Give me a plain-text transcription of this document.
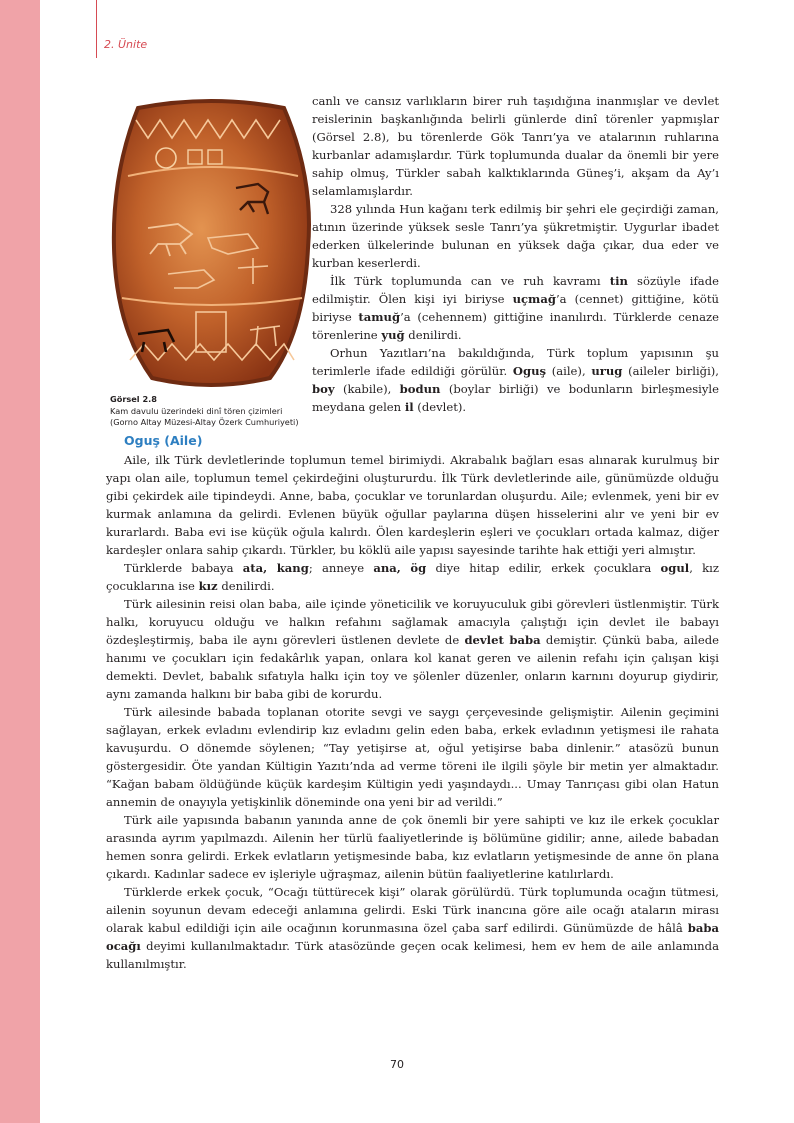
2. Ünite
Görsel 2.8
Kam davulu üzerindeki dinî tören çizimleri
(Gorno Altay Müzesi-Altay Özerk Cumhuriyeti)

canlı ve cansız varlıkların birer ruh taşıdığına inanmışlar ve devlet reislerinin başkanlığında belirli günlerde dinî törenler yapmışlar (Görsel 2.8), bu törenlerde Gök Tanrı’ya ve atalarının ruhlarına kurbanlar adamışlardır. Türk toplumunda dualar da önemli bir yere sahip olmuş, Türkler sabah kalktıklarında Güneş’i, akşam da Ay’ı selamlamışlardır.

328 yılında Hun kağanı terk edilmiş bir şehri ele geçirdiği zaman, atının üzerinde yüksek sesle Tanrı’ya şükretmiştir. Uygurlar ibadet ederken ülkelerinde bulunan en yüksek dağa çıkar, dua eder ve kurban keserlerdi.

İlk Türk toplumunda can ve ruh kavramı tin sözüyle ifade edilmiştir. Ölen kişi iyi biriyse uçmağ’a (cennet) gittiğine, kötü biriyse tamuğ’a (cehennem) gittiğine inanılırdı. Türklerde cenaze törenlerine yuğ denilirdi.

Orhun Yazıtları’na bakıldığında, Türk toplum yapısının şu terimlerle ifade edildiği görülür. Oguş (aile), urug (aileler birliği), boy (kabile), bodun (boylar birliği) ve bodunların birleşmesiyle meydana gelen il (devlet).

Oguş (Aile)

Aile, ilk Türk devletlerinde toplumun temel birimiydi. Akrabalık bağları esas alınarak kurulmuş bir yapı olan aile, toplumun temel çekirdeğini oluştururdu. İlk Türk devletlerinde aile, günümüzde olduğu gibi çekirdek aile tipindeydi. Anne, baba, çocuklar ve torunlardan oluşurdu. Aile; evlenmek, yeni bir ev kurmak anlamına da gelirdi. Evlenen büyük oğullar paylarına düşen hisselerini alır ve yeni bir ev kurarlardı. Baba evi ise küçük oğula kalırdı. Ölen kardeşlerin eşleri ve çocukları ortada kalmaz, diğer kardeşler onlara sahip çıkardı. Türkler, bu köklü aile yapısı sayesinde tarihte hak ettiği yeri almıştır.

Türklerde babaya ata, kang; anneye ana, ög diye hitap edilir, erkek çocuklara ogul, kız çocuklarına ise kız denilirdi.

Türk ailesinin reisi olan baba, aile içinde yöneticilik ve koruyuculuk gibi görevleri üstlenmiştir. Türk halkı, koruyucu olduğu ve halkın refahını sağlamak amacıyla çalıştığı için devlet ile babayı özdeşleştirmiş, baba ile aynı görevleri üstlenen devlete de devlet baba demiştir. Çünkü baba, ailede hanımı ve çocukları için fedakârlık yapan, onlara kol kanat geren ve ailenin refahı için çalışan kişi demekti. Devlet, babalık sıfatıyla halkı için toy ve şölenler düzenler, onların karnını doyurup giydirir, aynı zamanda halkını bir baba gibi de korurdu.

Türk ailesinde babada toplanan otorite sevgi ve saygı çerçevesinde gelişmiştir. Ailenin geçimini sağlayan, erkek evladını evlendirip kız evladını gelin eden baba, erkek evladının yetişmesi ile rahata kavuşurdu. O dönemde söylenen; “Tay yetişirse at, oğul yetişirse baba dinlenir.” atasözü bunun göstergesidir. Öte yandan Kültigin Yazıtı’nda ad verme töreni ile ilgili şöyle bir metin yer almaktadır. “Kağan babam öldüğünde küçük kardeşim Kültigin yedi yaşındaydı... Umay Tanrıçası gibi olan Hatun annemin de onayıyla yetişkinlik döneminde ona yeni bir ad verildi.”

Türk aile yapısında babanın yanında anne de çok önemli bir yere sahipti ve kız ile erkek çocuklar arasında ayrım yapılmazdı. Ailenin her türlü faaliyetlerinde iş bölümüne gidilir; anne, ailede babadan hemen sonra gelirdi. Erkek evlatların yetişmesinde baba, kız evlatların yetişmesinde de anne ön plana çıkardı. Kadınlar sadece ev işleriyle uğraşmaz, ailenin bütün faaliyetlerine katılırlardı.

Türklerde erkek çocuk, “Ocağı tüttürecek kişi” olarak görülürdü. Türk toplumunda ocağın tütmesi, ailenin soyunun devam edeceği anlamına gelirdi. Eski Türk inancına göre aile ocağı ataların mirası olarak kabul edildiği için aile ocağının korunmasına özel çaba sarf edilirdi. Günümüzde de hâlâ baba ocağı deyimi kullanılmaktadır. Türk atasözünde geçen ocak kelimesi, hem ev hem de aile anlamında kullanılmıştır.

70
